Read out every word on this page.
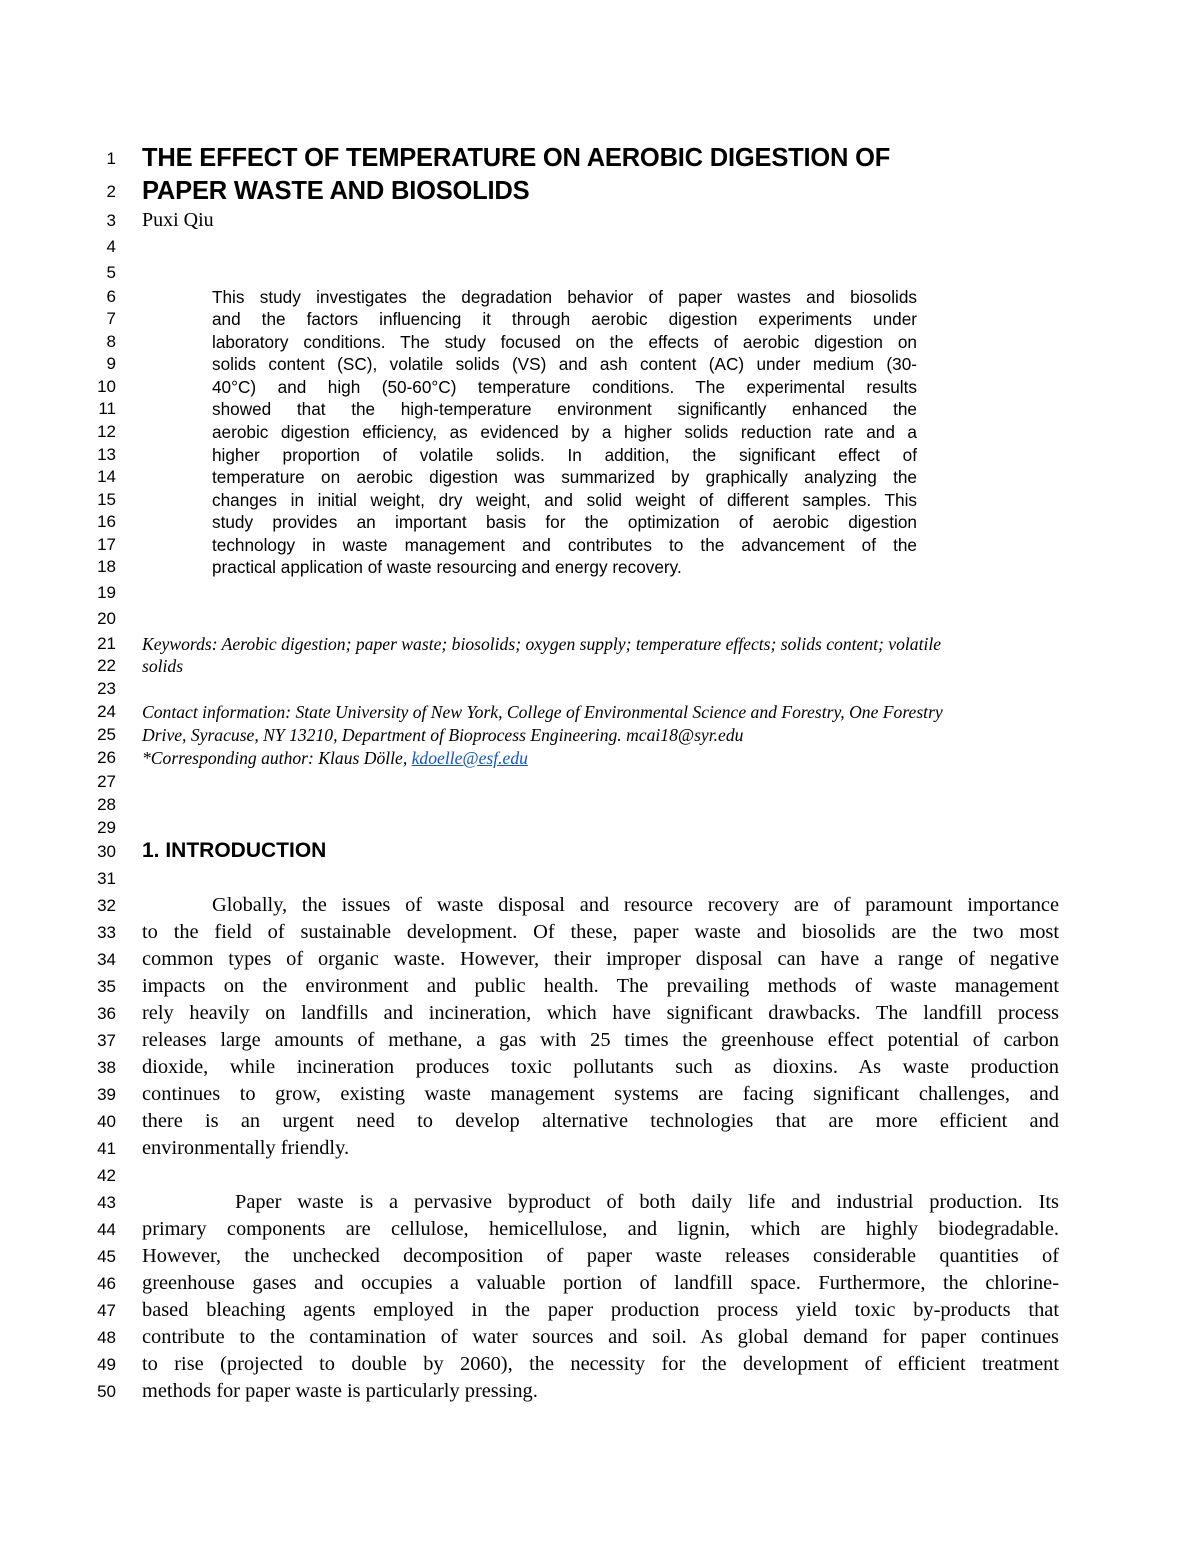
1
2
3
4
5
6
7
8
9
10
11
12
13
14
15
16
17
18
19
20
21
22
23
24
25
26
27
28
29
30
31
32
33
34
35
36
37
38
39
40
41
42
43
44
45
46
47
48
49
50
THE EFFECT OF TEMPERATURE ON AEROBIC DIGESTION OF
PAPER WASTE AND BIOSOLIDS
Puxi Qiu
This study investigates the degradation behavior of paper wastes and biosolids
and the factors influencing it through aerobic digestion experiments under
laboratory conditions. The study focused on the effects of aerobic digestion on
solids content (SC), volatile solids (VS) and ash content (AC) under medium (30-
40°C) and high (50-60°C) temperature conditions. The experimental results
showed that the high-temperature environment significantly enhanced the
aerobic digestion efficiency, as evidenced by a higher solids reduction rate and a
higher proportion of volatile solids. In addition, the significant effect of
temperature on aerobic digestion was summarized by graphically analyzing the
changes in initial weight, dry weight, and solid weight of different samples. This
study provides an important basis for the optimization of aerobic digestion
technology in waste management and contributes to the advancement of the
practical application of waste resourcing and energy recovery.
Keywords: Aerobic digestion; paper waste; biosolids; oxygen supply; temperature effects; solids content; volatile
solids
Contact information: State University of New York, College of Environmental Science and Forestry, One Forestry
Drive, Syracuse, NY 13210, Department of Bioprocess Engineering. mcai18@syr.edu
*Corresponding author: Klaus Dölle, kdoelle@esf.edu
1. INTRODUCTION
Globally, the issues of waste disposal and resource recovery are of paramount importance
to the field of sustainable development. Of these, paper waste and biosolids are the two most
common types of organic waste. However, their improper disposal can have a range of negative
impacts on the environment and public health. The prevailing methods of waste management
rely heavily on landfills and incineration, which have significant drawbacks. The landfill process
releases large amounts of methane, a gas with 25 times the greenhouse effect potential of carbon
dioxide, while incineration produces toxic pollutants such as dioxins. As waste production
continues to grow, existing waste management systems are facing significant challenges, and
there is an urgent need to develop alternative technologies that are more efficient and
environmentally friendly.
Paper waste is a pervasive byproduct of both daily life and industrial production. Its
primary components are cellulose, hemicellulose, and lignin, which are highly biodegradable.
However, the unchecked decomposition of paper waste releases considerable quantities of
greenhouse gases and occupies a valuable portion of landfill space. Furthermore, the chlorine-
based bleaching agents employed in the paper production process yield toxic by-products that
contribute to the contamination of water sources and soil. As global demand for paper continues
to rise (projected to double by 2060), the necessity for the development of efficient treatment
methods for paper waste is particularly pressing.
